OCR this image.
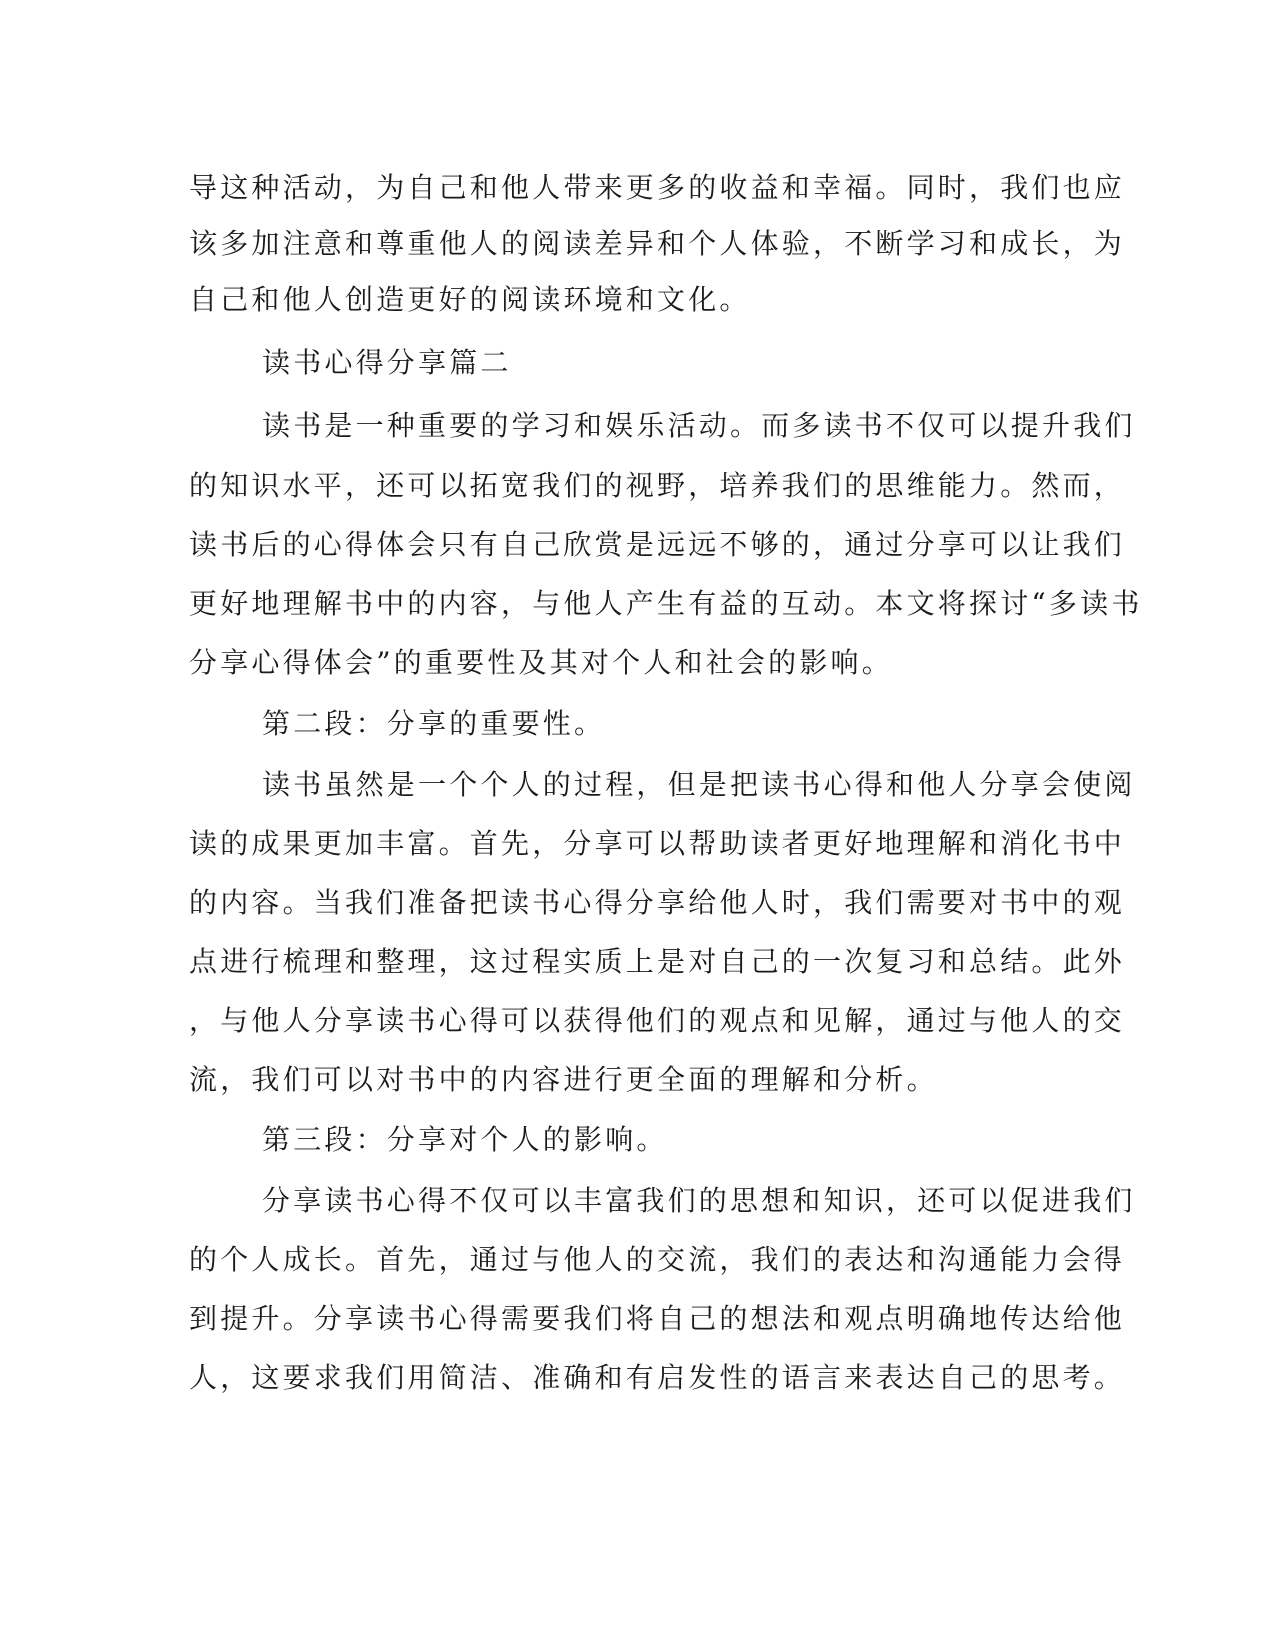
导这种活动，为自己和他人带来更多的收益和幸福。同时，我们也应
该多加注意和尊重他人的阅读差异和个人体验，不断学习和成长，为
自己和他人创造更好的阅读环境和文化。
读书心得分享篇二
读书是一种重要的学习和娱乐活动。而多读书不仅可以提升我们
的知识水平，还可以拓宽我们的视野，培养我们的思维能力。然而，
读书后的心得体会只有自己欣赏是远远不够的，通过分享可以让我们
更好地理解书中的内容，与他人产生有益的互动。本文将探讨“多读书
分享心得体会”的重要性及其对个人和社会的影响。
第二段：分享的重要性。
读书虽然是一个个人的过程，但是把读书心得和他人分享会使阅
读的成果更加丰富。首先，分享可以帮助读者更好地理解和消化书中
的内容。当我们准备把读书心得分享给他人时，我们需要对书中的观
点进行梳理和整理，这过程实质上是对自己的一次复习和总结。此外
，与他人分享读书心得可以获得他们的观点和见解，通过与他人的交
流，我们可以对书中的内容进行更全面的理解和分析。
第三段：分享对个人的影响。
分享读书心得不仅可以丰富我们的思想和知识，还可以促进我们
的个人成长。首先，通过与他人的交流，我们的表达和沟通能力会得
到提升。分享读书心得需要我们将自己的想法和观点明确地传达给他
人，这要求我们用简洁、准确和有启发性的语言来表达自己的思考。
